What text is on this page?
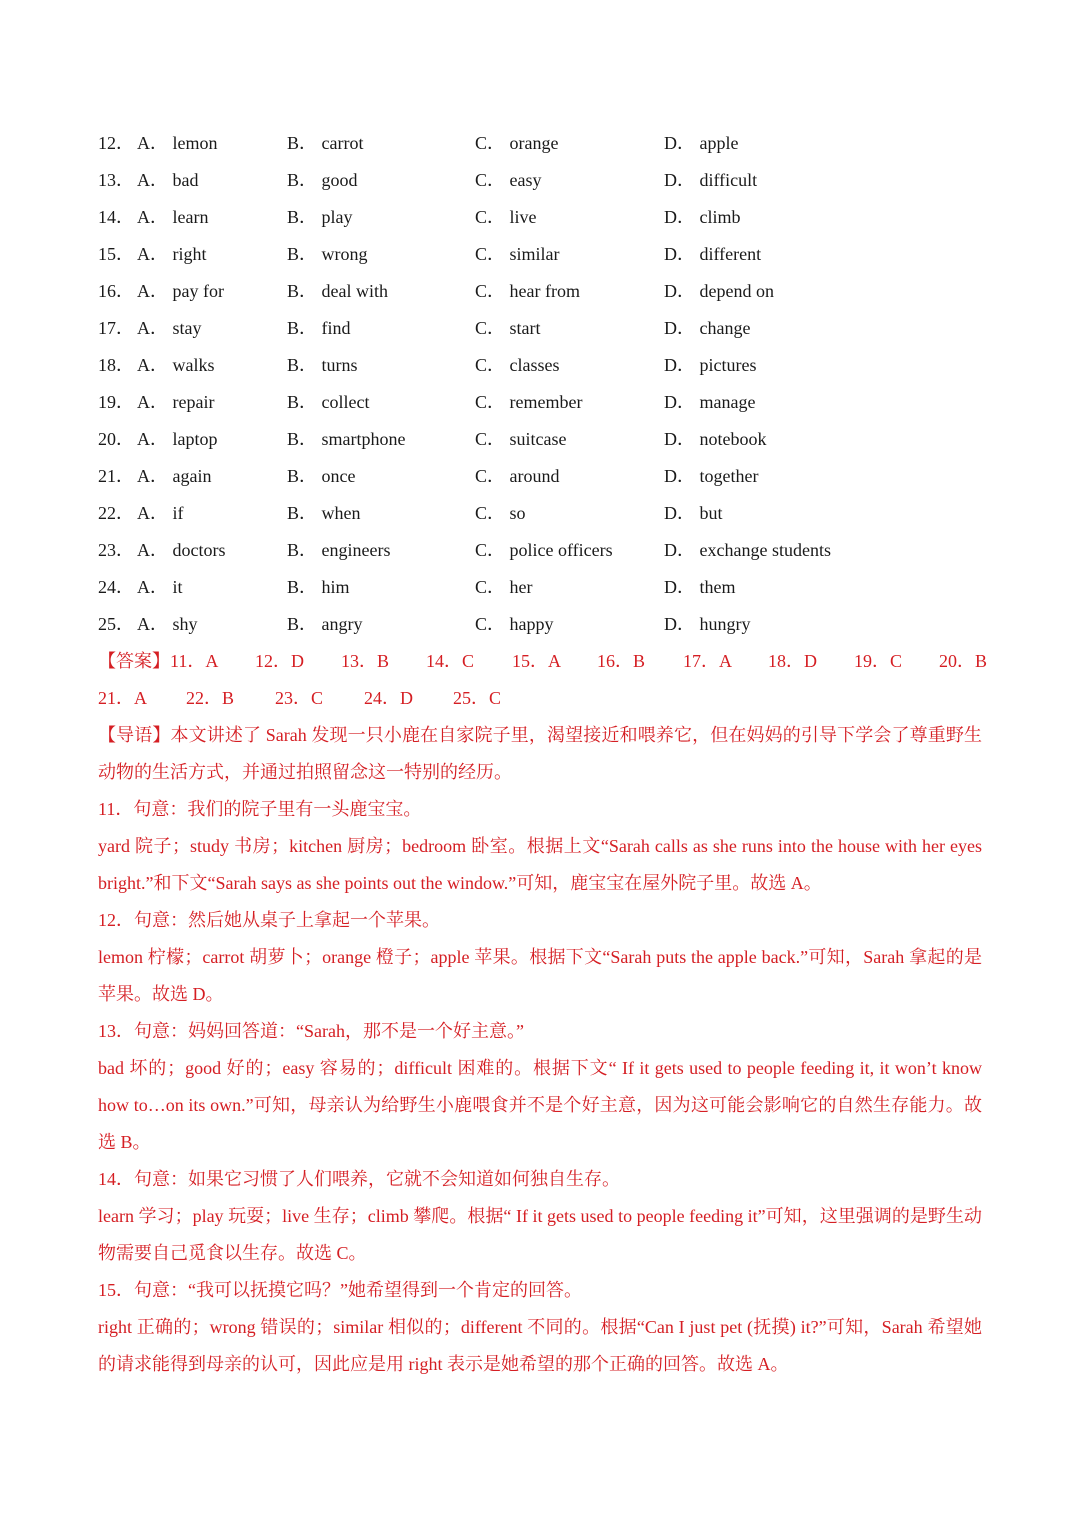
12． A． lemon	B． carrot	C． orange	D． apple
13． A． bad	B． good	C． easy	D． difficult
14． A． learn	B． play	C． live	D． climb
15． A． right	B． wrong	C． similar	D． different
16． A． pay for	B． deal with	C． hear from	D． depend on
17． A． stay	B． find	C． start	D． change
18． A． walks	B． turns	C． classes	D． pictures
19． A． repair	B． collect	C． remember	D． manage
20． A． laptop	B． smartphone	C． suitcase	D． notebook
21． A． again	B． once	C． around	D． together
22． A． if	B． when	C． so	D． but
23． A． doctors	B． engineers	C． police officers	D． exchange students
24． A． it	B． him	C． her	D． them
25． A． shy	B． angry	C． happy	D． hungry
【答案】 11．A 12．D 13．B 14．C 15．A 16．B 17．A 18．D 19．C 20．B
21．A 22．B 23．C 24．D 25．C
【导语】本文讲述了 Sarah 发现一只小鹿在自家院子里，渴望接近和喂养它，但在妈妈的引导下学会了尊重野生动物的生活方式，并通过拍照留念这一特别的经历。
11．句意：我们的院子里有一头鹿宝宝。
yard 院子；study 书房；kitchen 厨房；bedroom 卧室。根据上文“Sarah calls as she runs into the house with her eyes bright.”和下文“Sarah says as she points out the window.”可知，鹿宝宝在屋外院子里。故选 A。
12．句意：然后她从桌子上拿起一个苹果。
lemon 柠檬；carrot 胡萝卜；orange 橙子；apple 苹果。根据下文“Sarah puts the apple back.”可知，Sarah 拿起的是苹果。故选 D。
13．句意：妈妈回答道：“Sarah，那不是一个好主意。”
bad 坏的；good 好的；easy 容易的；difficult 困难的。根据下文“ If it gets used to people feeding it, it won’t know how to…on its own.”可知，母亲认为给野生小鹿喂食并不是个好主意，因为这可能会影响它的自然生存能力。故选 B。
14．句意：如果它习惯了人们喂养，它就不会知道如何独自生存。
learn 学习；play 玩耍；live 生存；climb 攀爬。根据“ If it gets used to people feeding it”可知，这里强调的是野生动物需要自己觅食以生存。故选 C。
15．句意：“我可以抚摸它吗？”她希望得到一个肯定的回答。
right 正确的；wrong 错误的；similar 相似的；different 不同的。根据“Can I just pet (抚摸) it?”可知，Sarah 希望她的请求能得到母亲的认可，因此应是用 right 表示是她希望的那个正确的回答。故选 A。
